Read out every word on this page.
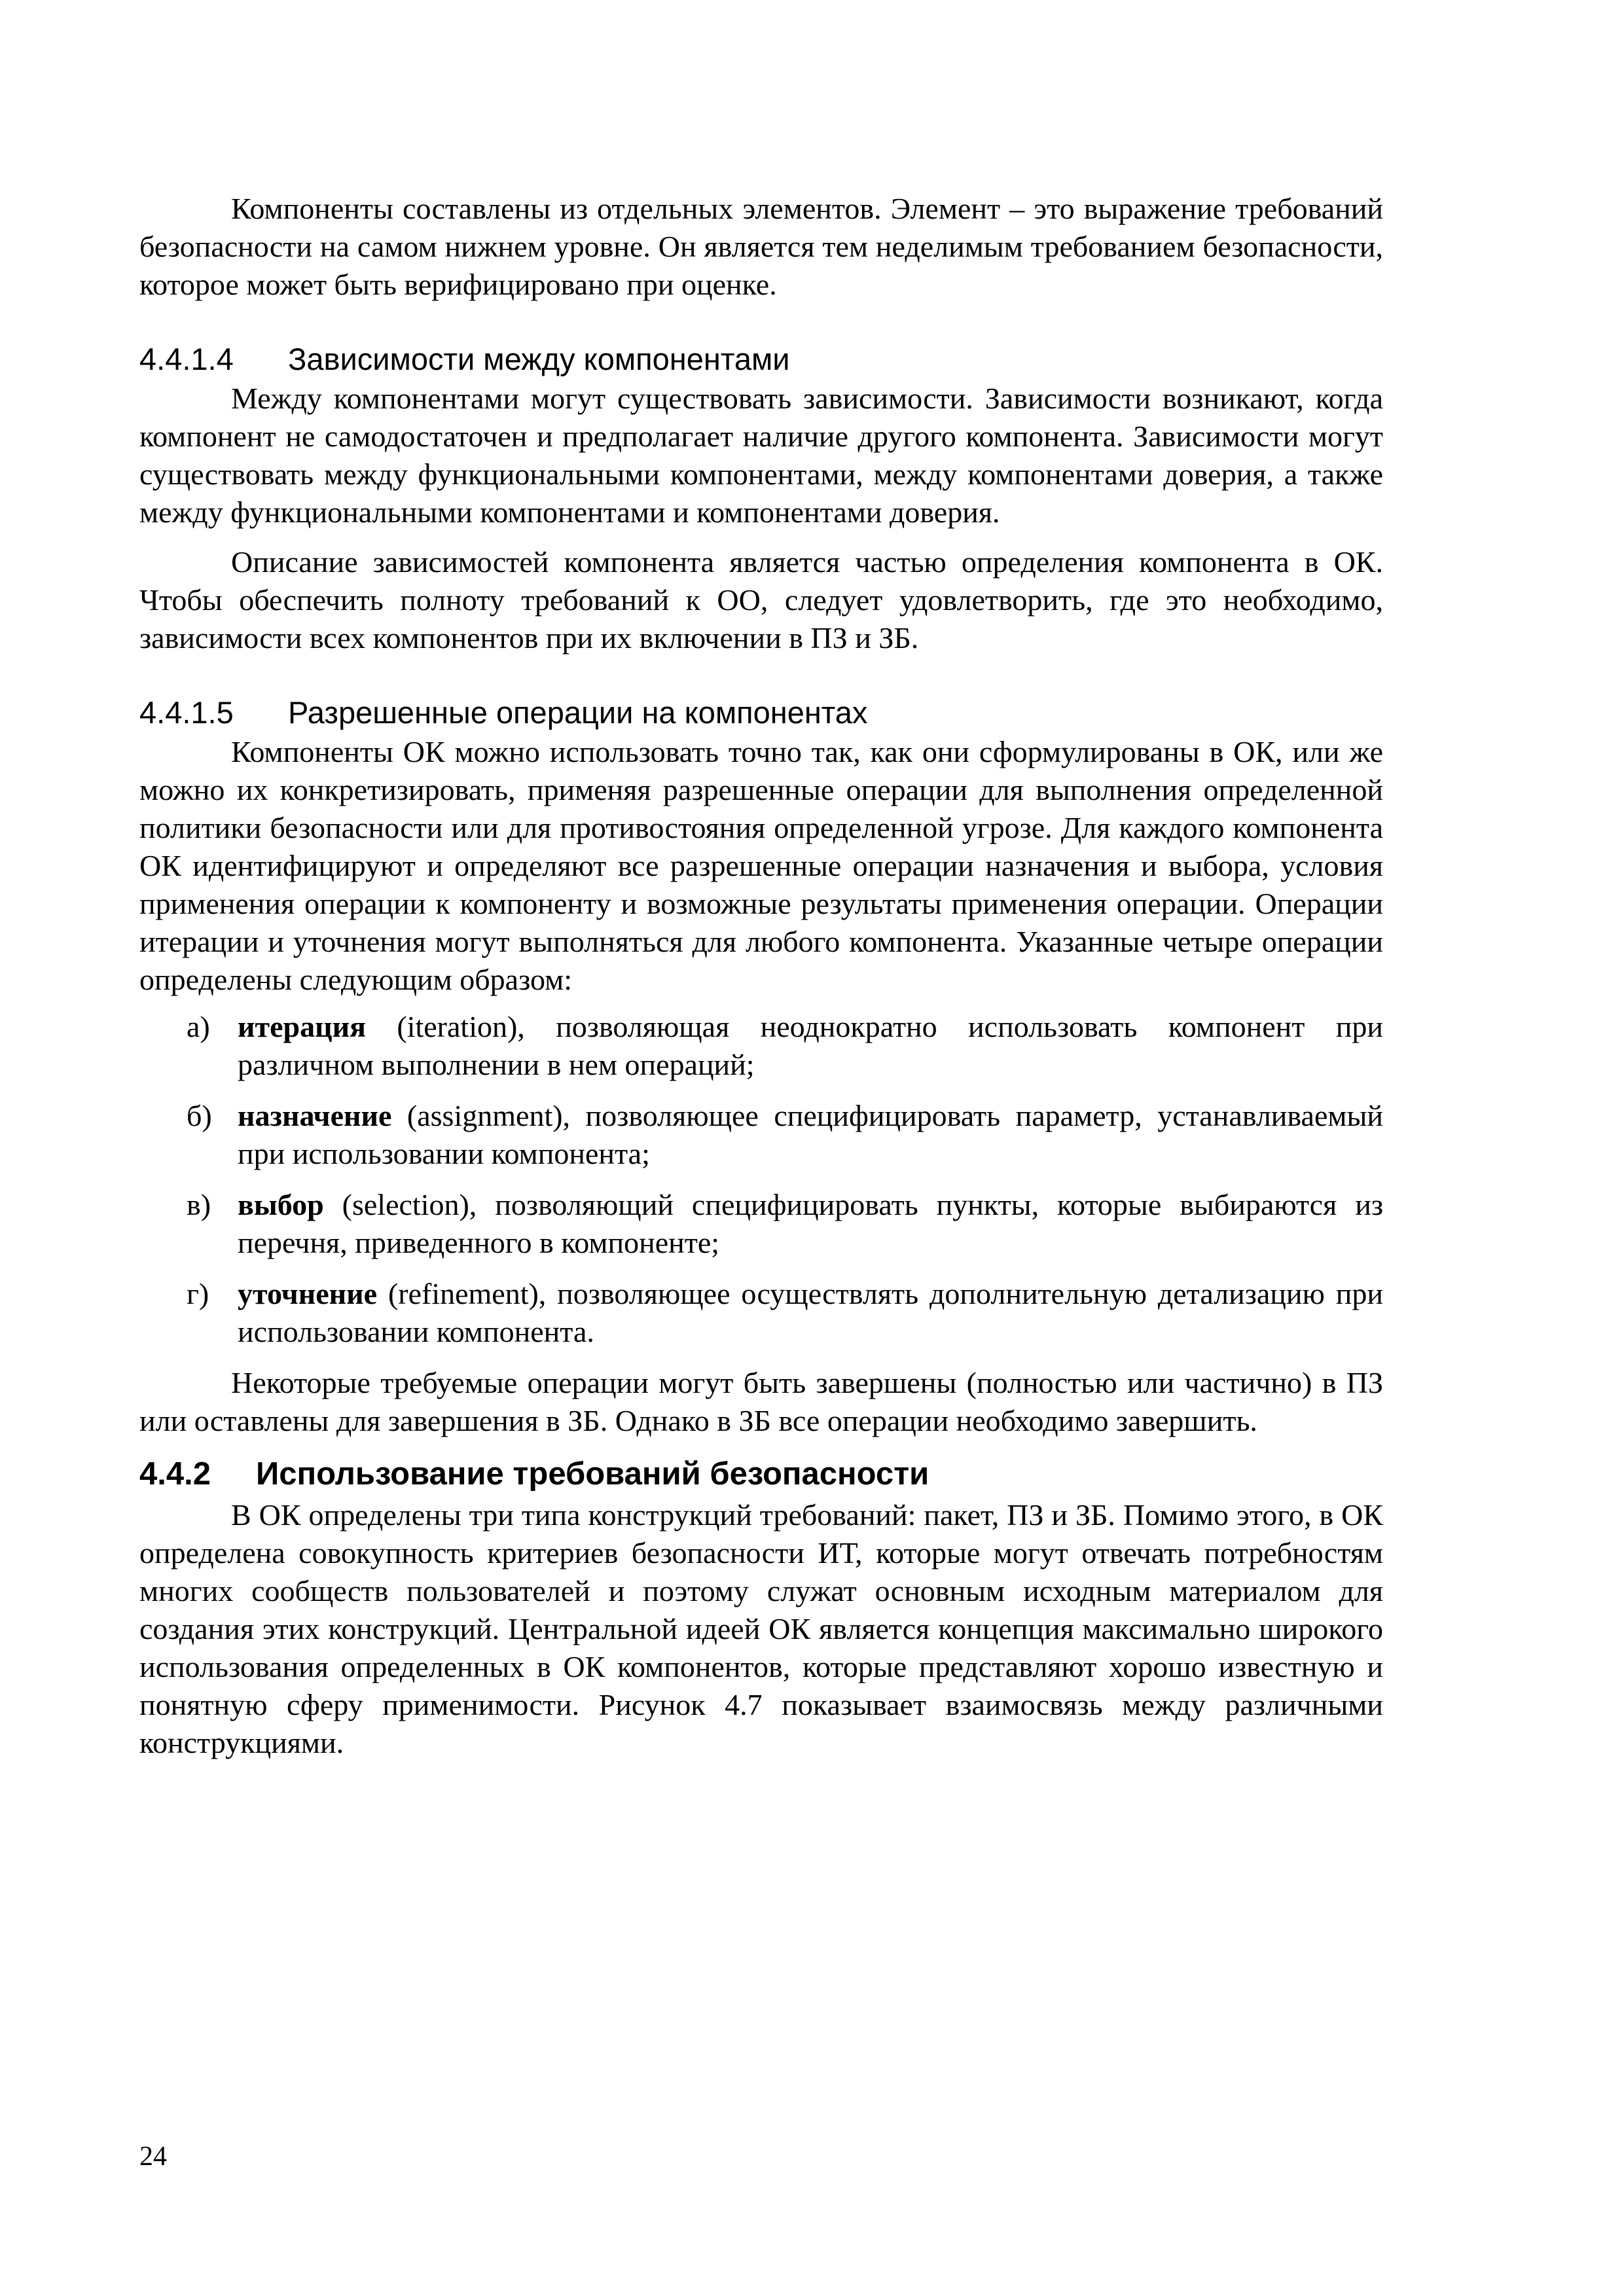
Компоненты составлены из отдельных элементов. Элемент – это выражение требований безопасности на самом нижнем уровне. Он является тем неделимым требованием безопасности, которое может быть верифицировано при оценке.

4.4.1.4	Зависимости между компонентами

Между компонентами могут существовать зависимости. Зависимости возникают, когда компонент не самодостаточен и предполагает наличие другого компонента. Зависимости могут существовать между функциональными компонентами, между компонентами доверия, а также между функциональными компонентами и компонентами доверия.

Описание зависимостей компонента является частью определения компонента в ОК. Чтобы обеспечить полноту требований к ОО, следует удовлетворить, где это необходимо, зависимости всех компонентов при их включении в ПЗ и ЗБ.

4.4.1.5	Разрешенные операции на компонентах

Компоненты ОК можно использовать точно так, как они сформулированы в ОК, или же можно их конкретизировать, применяя разрешенные операции для выполнения определенной политики безопасности или для противостояния определенной угрозе. Для каждого компонента ОК идентифицируют и определяют все разрешенные операции назначения и выбора, условия применения операции к компоненту и возможные результаты применения операции. Операции итерации и уточнения могут выполняться для любого компонента. Указанные четыре операции определены следующим образом:

а) итерация (iteration), позволяющая неоднократно использовать компонент при различном выполнении в нем операций;
б) назначение (assignment), позволяющее специфицировать параметр, устанавливаемый при использовании компонента;
в) выбор (selection), позволяющий специфицировать пункты, которые выбираются из перечня, приведенного в компоненте;
г) уточнение (refinement), позволяющее осуществлять дополнительную детализацию при использовании компонента.

Некоторые требуемые операции могут быть завершены (полностью или частично) в ПЗ или оставлены для завершения в ЗБ. Однако в ЗБ все операции необходимо завершить.

4.4.2	Использование требований безопасности

В ОК определены три типа конструкций требований: пакет, ПЗ и ЗБ. Помимо этого, в ОК определена совокупность критериев безопасности ИТ, которые могут отвечать потребностям многих сообществ пользователей и поэтому служат основным исходным материалом для создания этих конструкций. Центральной идеей ОК является концепция максимально широкого использования определенных в ОК компонентов, которые представляют хорошо известную и понятную сферу применимости. Рисунок 4.7 показывает взаимосвязь между различными конструкциями.

24
